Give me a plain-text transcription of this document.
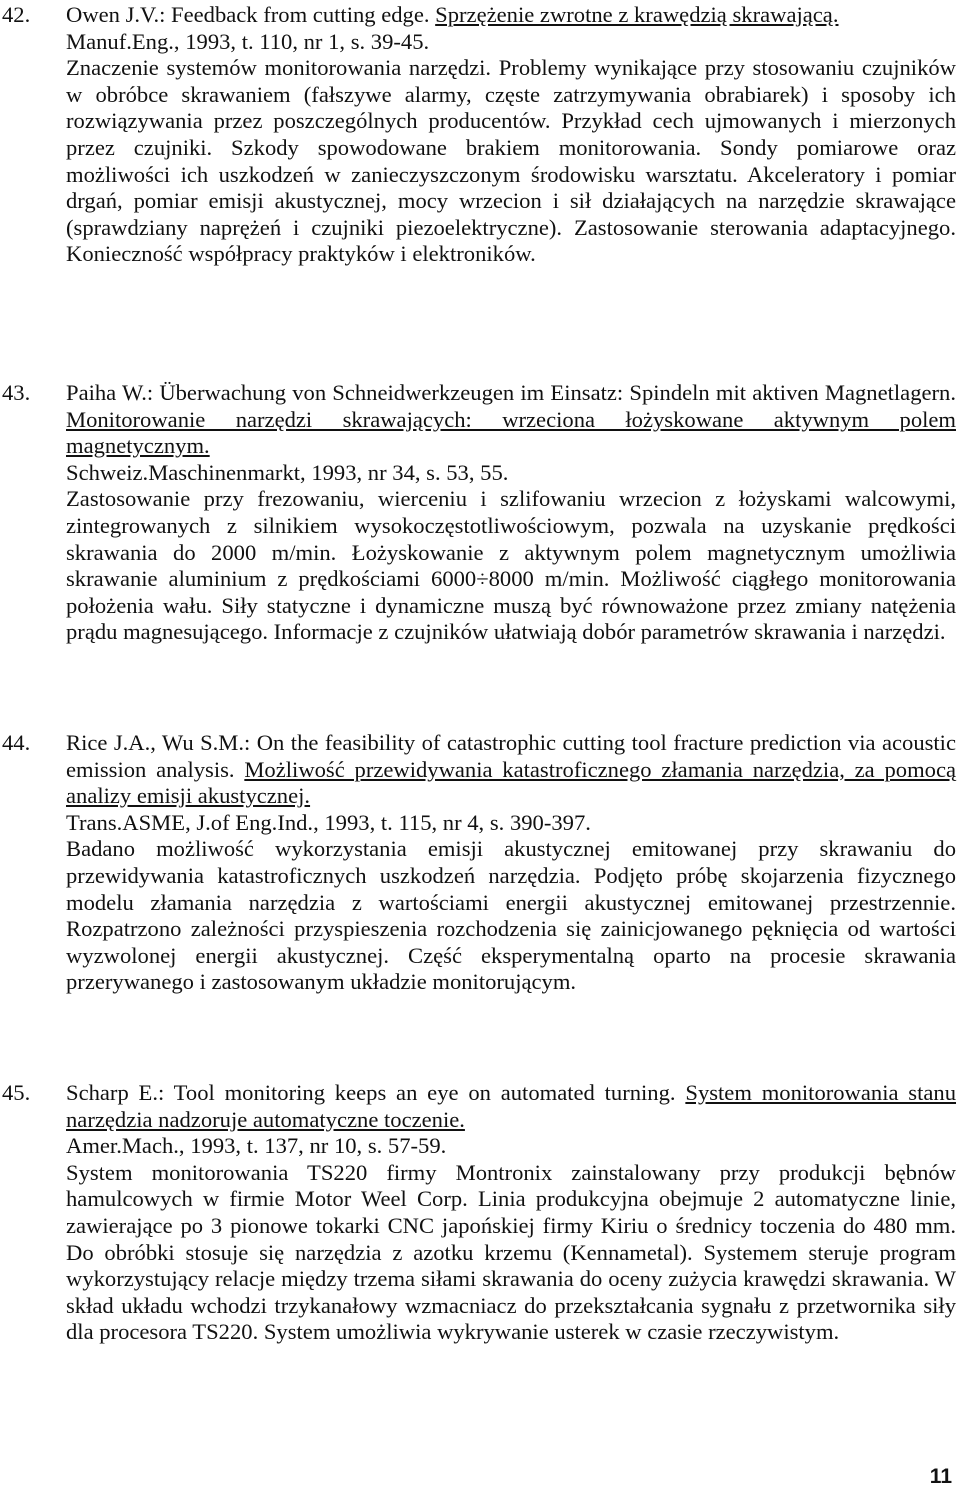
42. Owen J.V.: Feedback from cutting edge. Sprzężenie zwrotne z krawędzią skrawającą.
Manuf.Eng., 1993, t. 110, nr 1, s. 39-45.
Znaczenie systemów monitorowania narzędzi. Problemy wynikające przy stosowaniu czujników w obróbce skrawaniem (fałszywe alarmy, częste zatrzymywania obrabiarek) i sposoby ich rozwiązywania przez poszczególnych producentów. Przykład cech ujmowanych i mierzonych przez czujniki. Szkody spowodowane brakiem monitorowania. Sondy pomiarowe oraz możliwości ich uszkodzeń w zanieczyszczonym środowisku warsztatu. Akceleratory i pomiar drgań, pomiar emisji akustycznej, mocy wrzecion i sił działających na narzędzie skrawające (sprawdziany naprężeń i czujniki piezoelektryczne). Zastosowanie sterowania adaptacyjnego. Konieczność współpracy praktyków i elektroników.
43. Paiha W.: Überwachung von Schneidwerkzeugen im Einsatz: Spindeln mit aktiven Magnetlagern. Monitorowanie narzędzi skrawających: wrzeciona łożyskowane aktywnym polem magnetycznym.
Schweiz.Maschinenmarkt, 1993, nr 34, s. 53, 55.
Zastosowanie przy frezowaniu, wierceniu i szlifowaniu wrzecion z łożyskami walcowymi, zintegrowanych z silnikiem wysokoczęstotliwościowym, pozwala na uzyskanie prędkości skrawania do 2000 m/min. Łożyskowanie z aktywnym polem magnetycznym umożliwia skrawanie aluminium z prędkościami 6000÷8000 m/min. Możliwość ciągłego monitorowania położenia wału. Siły statyczne i dynamiczne muszą być równoważone przez zmiany natężenia prądu magnesującego. Informacje z czujników ułatwiają dobór parametrów skrawania i narzędzi.
44. Rice J.A., Wu S.M.: On the feasibility of catastrophic cutting tool fracture prediction via acoustic emission analysis. Możliwość przewidywania katastroficznego złamania narzędzia, za pomocą analizy emisji akustycznej.
Trans.ASME, J.of Eng.Ind., 1993, t. 115, nr 4, s. 390-397.
Badano możliwość wykorzystania emisji akustycznej emitowanej przy skrawaniu do przewidywania katastroficznych uszkodzeń narzędzia. Podjęto próbę skojarzenia fizycznego modelu złamania narzędzia z wartościami energii akustycznej emitowanej przestrzennie. Rozpatrzono zależności przyspieszenia rozchodzenia się zainicjowanego pęknięcia od wartości wyzwolonej energii akustycznej. Część eksperymentalną oparto na procesie skrawania przerywanego i zastosowanym układzie monitorującym.
45. Scharp E.: Tool monitoring keeps an eye on automated turning. System monitorowania stanu narzędzia nadzoruje automatyczne toczenie.
Amer.Mach., 1993, t. 137, nr 10, s. 57-59.
System monitorowania TS220 firmy Montronix zainstalowany przy produkcji bębnów hamulcowych w firmie Motor Weel Corp. Linia produkcyjna obejmuje 2 automatyczne linie, zawierające po 3 pionowe tokarki CNC japońskiej firmy Kiriu o średnicy toczenia do 480 mm. Do obróbki stosuje się narzędzia z azotku krzemu (Kennametal). Systemem steruje program wykorzystujący relacje między trzema siłami skrawania do oceny zużycia krawędzi skrawania. W skład układu wchodzi trzykanałowy wzmacniacz do przekształcania sygnału z przetwornika siły dla procesora TS220. System umożliwia wykrywanie usterek w czasie rzeczywistym.
11
